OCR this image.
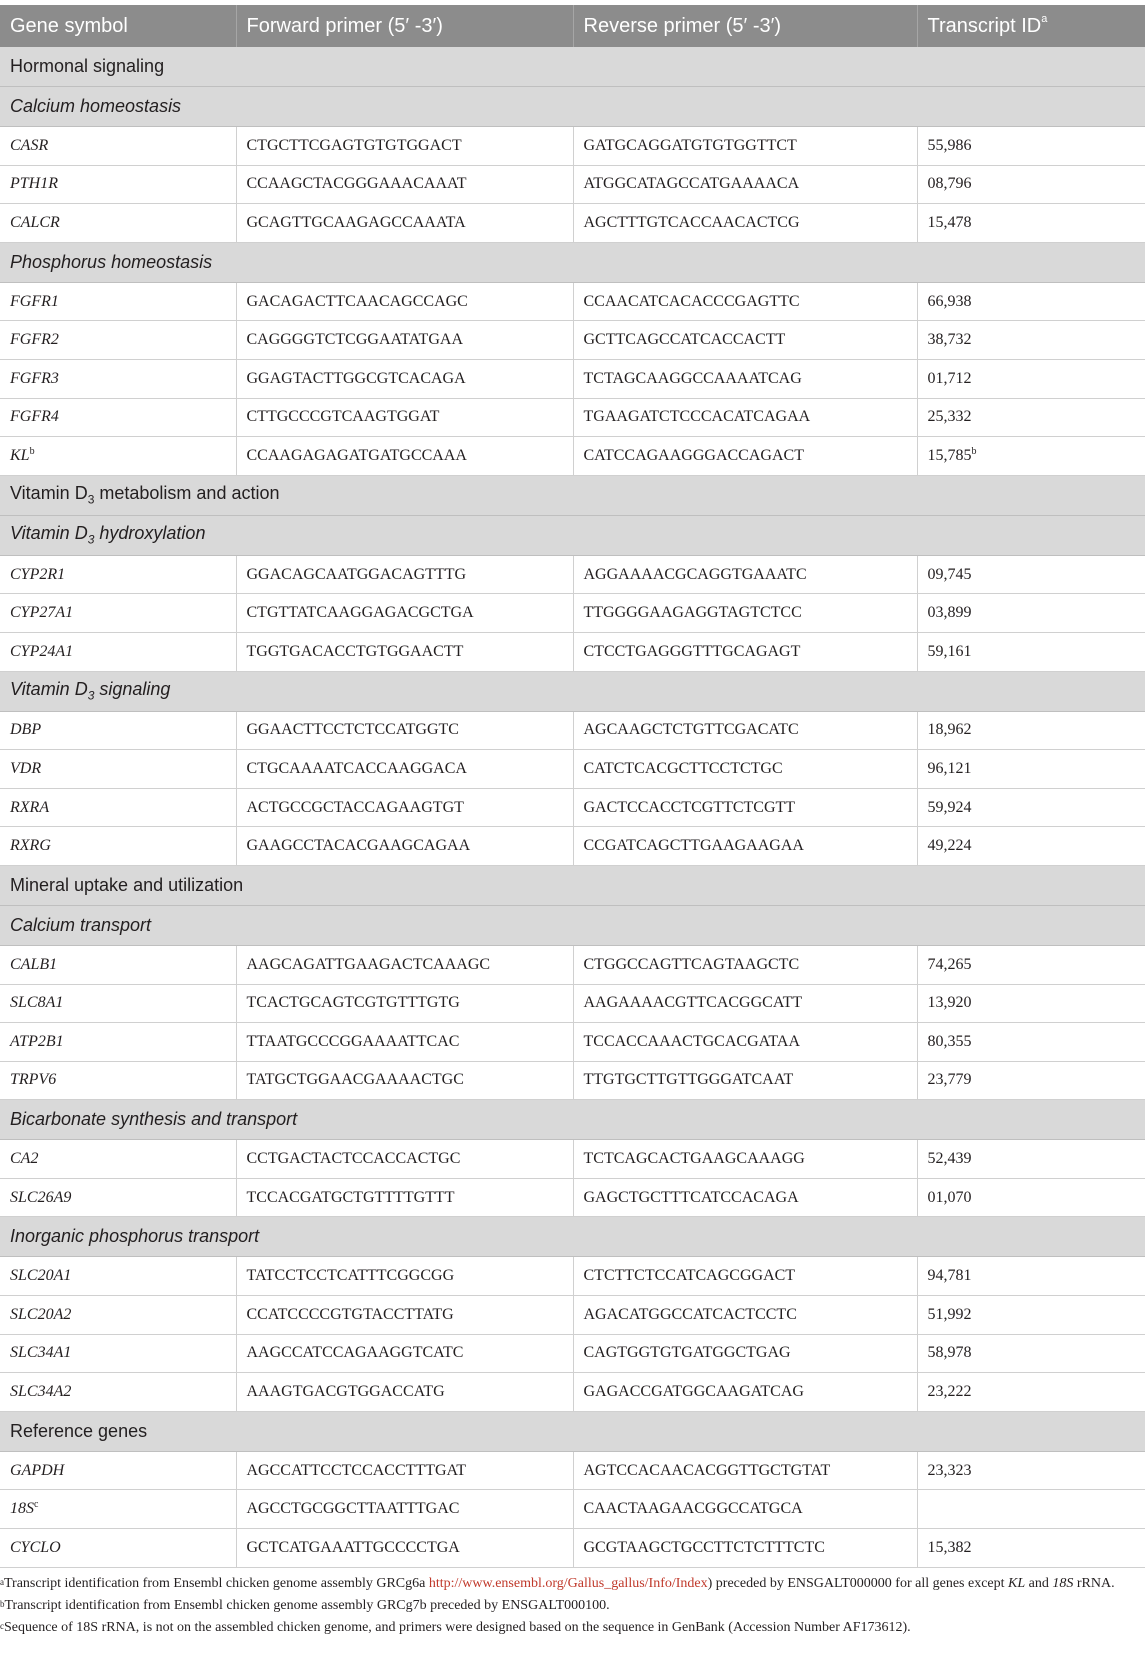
Gene symbol	Forward primer (5′ -3′)	Reverse primer (5′ -3′)	Transcript $ID^a$
Hormonal signaling			
Calcium homeostasis			
CASR	CTGCTTCGAGTGTGTGGACT	GATGCAGGATGTGTGGTTCT	55,986
PTH1R	CCAAGCTACGGGAAACAAAT	ATGGCATAGCCATGAAAACA	08,796
CALCR	GCAGTTGCAAGAGCCAAATA	AGCTTTGTCACCAACACTCG	15,478
Phosphorus homeostasis			
FGFR1	GACAGACTTCAACAGCCAGC	CCAACATCACACCCGAGTTC	66,938
FGFR2	CAGGGGTCTCGGAATATGAA	GCTTCAGCCATCACCACTT	38,732
FGFR3	GGAGTACTTGGCGTCACAGA	TCTAGCAAGGCCAAAATCAG	01,712
FGFR4	CTTGCCCGTCAAGTGGAT	TGAAGATCTCCCACATCAGAA	25,332
$KL^b$	CCAAGAGAGATGATGCCAAA	CATCCAGAAGGGACCAGACT	15,785$^b$
Vitamin $D_3$ metabolism and action			
Vitamin $D_3$ hydroxylation			
CYP2R1	GGACAGCAATGGACAGTTTG	AGGAAAACGCAGGTGAAATC	09,745
CYP27A1	CTGTTATCAAGGAGACGCTGA	TTGGGGAAGAGGTAGTCTCC	03,899
CYP24A1	TGGTGACACCTGTGGAACTT	CTCCTGAGGGTTTGCAGAGT	59,161
Vitamin $D_3$ signaling			
DBP	GGAACTTCCTCTCCATGGTC	AGCAAGCTCTGTTCGACATC	18,962
VDR	CTGCAAAATCACCAAGGACA	CATCTCACGCTTCCTCTGC	96,121
RXRA	ACTGCCGCTACCAGAAGTGT	GACTCCACCTCGTTCTCGTT	59,924
RXRG	GAAGCCTACACGAAGCAGAA	CCGATCAGCTTGAAGAAGAA	49,224
Mineral uptake and utilization			
Calcium transport			
CALB1	AAGCAGATTGAAGACTCAAAGC	CTGGCCAGTTCAGTAAGCTC	74,265
SLC8A1	TCACTGCAGTCGTGTTTGTG	AAGAAAACGTTCACGGCATT	13,920
ATP2B1	TTAATGCCCGGAAAATTCAC	TCCACCAAACTGCACGATAA	80,355
TRPV6	TATGCTGGAACGAAAACTGC	TTGTGCTTGTTGGGATCAAT	23,779
Bicarbonate synthesis and transport			
CA2	CCTGACTACTCCACCACTGC	TCTCAGCACTGAAGCAAAGG	52,439
SLC26A9	TCCACGATGCTGTTTTGTTT	GAGCTGCTTTCATCCACAGA	01,070
Inorganic phosphorus transport			
SLC20A1	TATCCTCCTCATTTCGGCGG	CTCTTCTCCATCAGCGGACT	94,781
SLC20A2	CCATCCCCGTGTACCTTATG	AGACATGGCCATCACTCCTC	51,992
SLC34A1	AAGCCATCCAGAAGGTCATC	CAGTGGTGTGATGGCTGAG	58,978
SLC34A2	AAAGTGACGTGGACCATG	GAGACCGATGGCAAGATCAG	23,222
Reference genes			
GAPDH	AGCCATTCCTCCACCTTTGAT	AGTCCACAACACGGTTGCTGTAT	23,323
$18S^c$	AGCCTGCGGCTTAATTTGAC	CAACTAAGAACGGCCATGCA	
CYCLO	GCTCATGAAATTGCCCCTGA	GCGTAAGCTGCCTTCTCTTTCTC	15,382

$^a$Transcript identification from Ensembl chicken genome assembly GRCg6a http://www.ensembl.org/Gallus_gallus/Info/Index) preceded by ENSGALT000000 for all genes except KL and 18S rRNA.

$^b$Transcript identification from Ensembl chicken genome assembly GRCg7b preceded by ENSGALT000100.

$^c$Sequence of 18S rRNA, is not on the assembled chicken genome, and primers were designed based on the sequence in GenBank (Accession Number AF173612).
